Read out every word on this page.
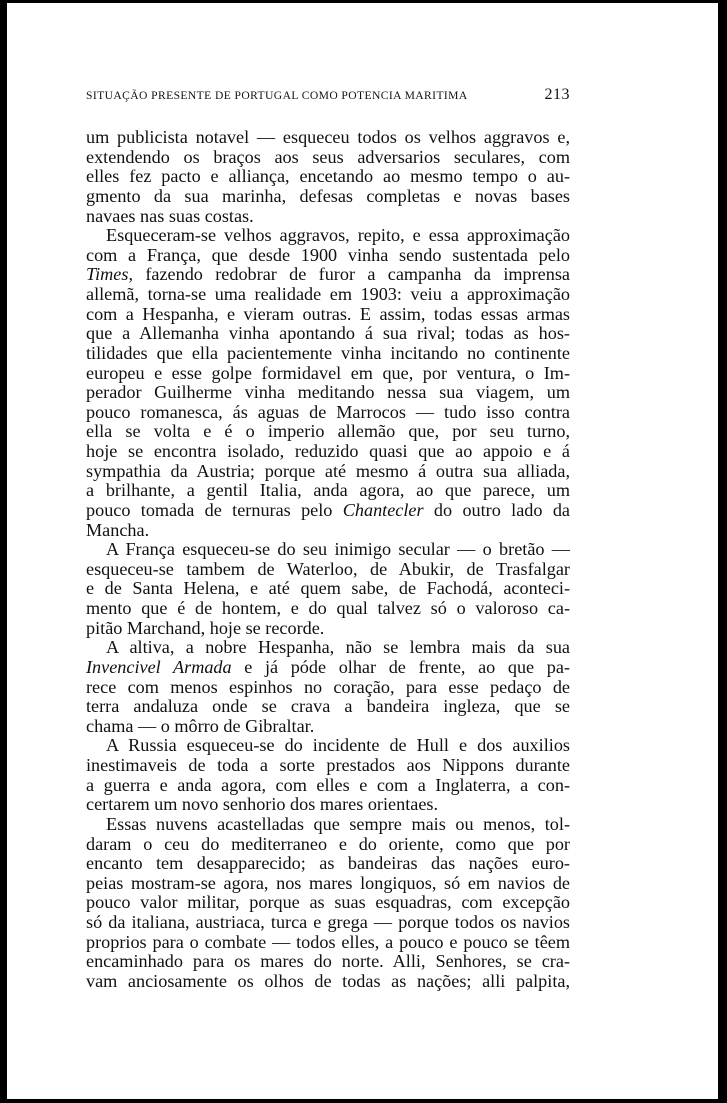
SITUAÇÃO PRESENTE DE PORTUGAL COMO POTENCIA MARITIMA	213
um publicista notavel — esqueceu todos os velhos aggravos e,
extendendo os braços aos seus adversarios seculares, com
elles fez pacto e alliança, encetando ao mesmo tempo o au-
gmento da sua marinha, defesas completas e novas bases
navaes nas suas costas.
Esqueceram-se velhos aggravos, repito, e essa approximação
com a França, que desde 1900 vinha sendo sustentada pelo
Times, fazendo redobrar de furor a campanha da imprensa
allemã, torna-se uma realidade em 1903: veiu a approximação
com a Hespanha, e vieram outras. E assim, todas essas armas
que a Allemanha vinha apontando á sua rival; todas as hos-
tilidades que ella pacientemente vinha incitando no continente
europeu e esse golpe formidavel em que, por ventura, o Im-
perador Guilherme vinha meditando nessa sua viagem, um
pouco romanesca, ás aguas de Marrocos — tudo isso contra
ella se volta e é o imperio allemão que, por seu turno,
hoje se encontra isolado, reduzido quasi que ao appoio e á
sympathia da Austria; porque até mesmo á outra sua alliada,
a brilhante, a gentil Italia, anda agora, ao que parece, um
pouco tomada de ternuras pelo Chantecler do outro lado da
Mancha.
A França esqueceu-se do seu inimigo secular — o bretão —
esqueceu-se tambem de Waterloo, de Abukir, de Trasfalgar
e de Santa Helena, e até quem sabe, de Fachodá, aconteci-
mento que é de hontem, e do qual talvez só o valoroso ca-
pitão Marchand, hoje se recorde.
A altiva, a nobre Hespanha, não se lembra mais da sua
Invencivel Armada e já póde olhar de frente, ao que pa-
rece com menos espinhos no coração, para esse pedaço de
terra andaluza onde se crava a bandeira ingleza, que se
chama — o môrro de Gibraltar.
A Russia esqueceu-se do incidente de Hull e dos auxilios
inestimaveis de toda a sorte prestados aos Nippons durante
a guerra e anda agora, com elles e com a Inglaterra, a con-
certarem um novo senhorio dos mares orientaes.
Essas nuvens acastelladas que sempre mais ou menos, tol-
daram o ceu do mediterraneo e do oriente, como que por
encanto tem desapparecido; as bandeiras das nações euro-
peias mostram-se agora, nos mares longiquos, só em navios de
pouco valor militar, porque as suas esquadras, com excepção
só da italiana, austriaca, turca e grega — porque todos os navios
proprios para o combate — todos elles, a pouco e pouco se têem
encaminhado para os mares do norte. Alli, Senhores, se cra-
vam anciosamente os olhos de todas as nações; alli palpita,
